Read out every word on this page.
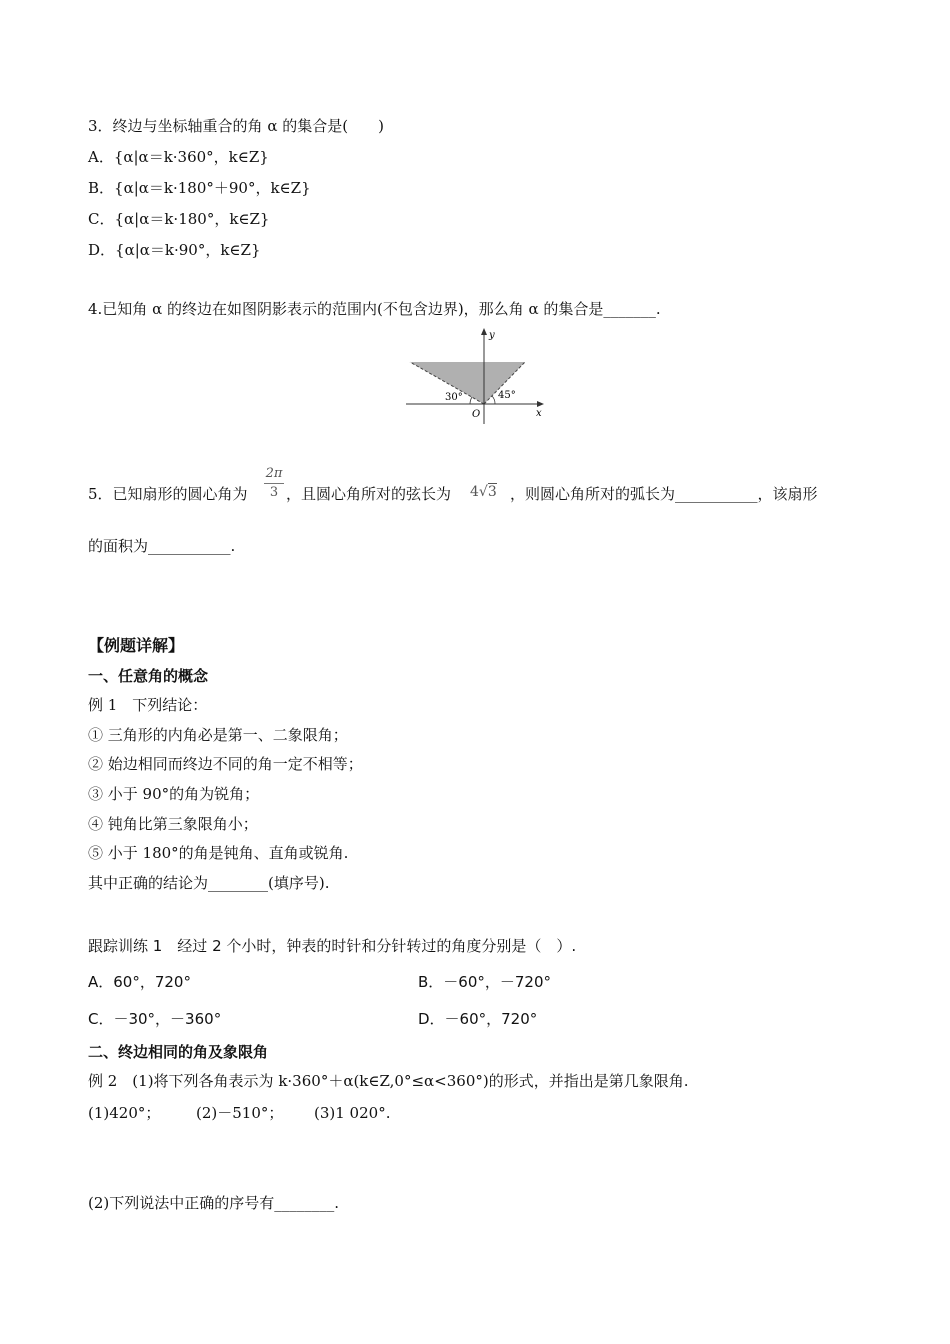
3．终边与坐标轴重合的角 α 的集合是(　　)
A．{α|α＝k·360°，k∈Z}
B．{α|α＝k·180°＋90°，k∈Z}
C．{α|α＝k·180°，k∈Z}
D．{α|α＝k·90°，k∈Z}
4.已知角 α 的终边在如图阴影表示的范围内(不包含边界)，那么角 α 的集合是_______.
y
x
O
30°	45°
5．已知扇形的圆心角为
2π
3 ，且圆心角所对的弦长为 4√3 ，则圆心角所对的弧长为___________，该扇形
的面积为___________.
【例题详解】
一、任意角的概念
例 1　下列结论：
① 三角形的内角必是第一、二象限角；
② 始边相同而终边不同的角一定不相等；
③ 小于 90°的角为锐角；
④ 钝角比第三象限角小；
⑤ 小于 180°的角是钝角、直角或锐角.
其中正确的结论为________(填序号).
跟踪训练 1　经过 2 个小时，钟表的时针和分针转过的角度分别是（　）.
A．60°，720°	B．－60°，－720°
C．－30°，－360°	D．－60°，720°
二、终边相同的角及象限角
例 2　(1)将下列各角表示为 k·360°＋α(k∈Z,0°≤α<360°)的形式，并指出是第几象限角.
(1)420°； (2)－510°； (3)1 020°.
(2)下列说法中正确的序号有________.
